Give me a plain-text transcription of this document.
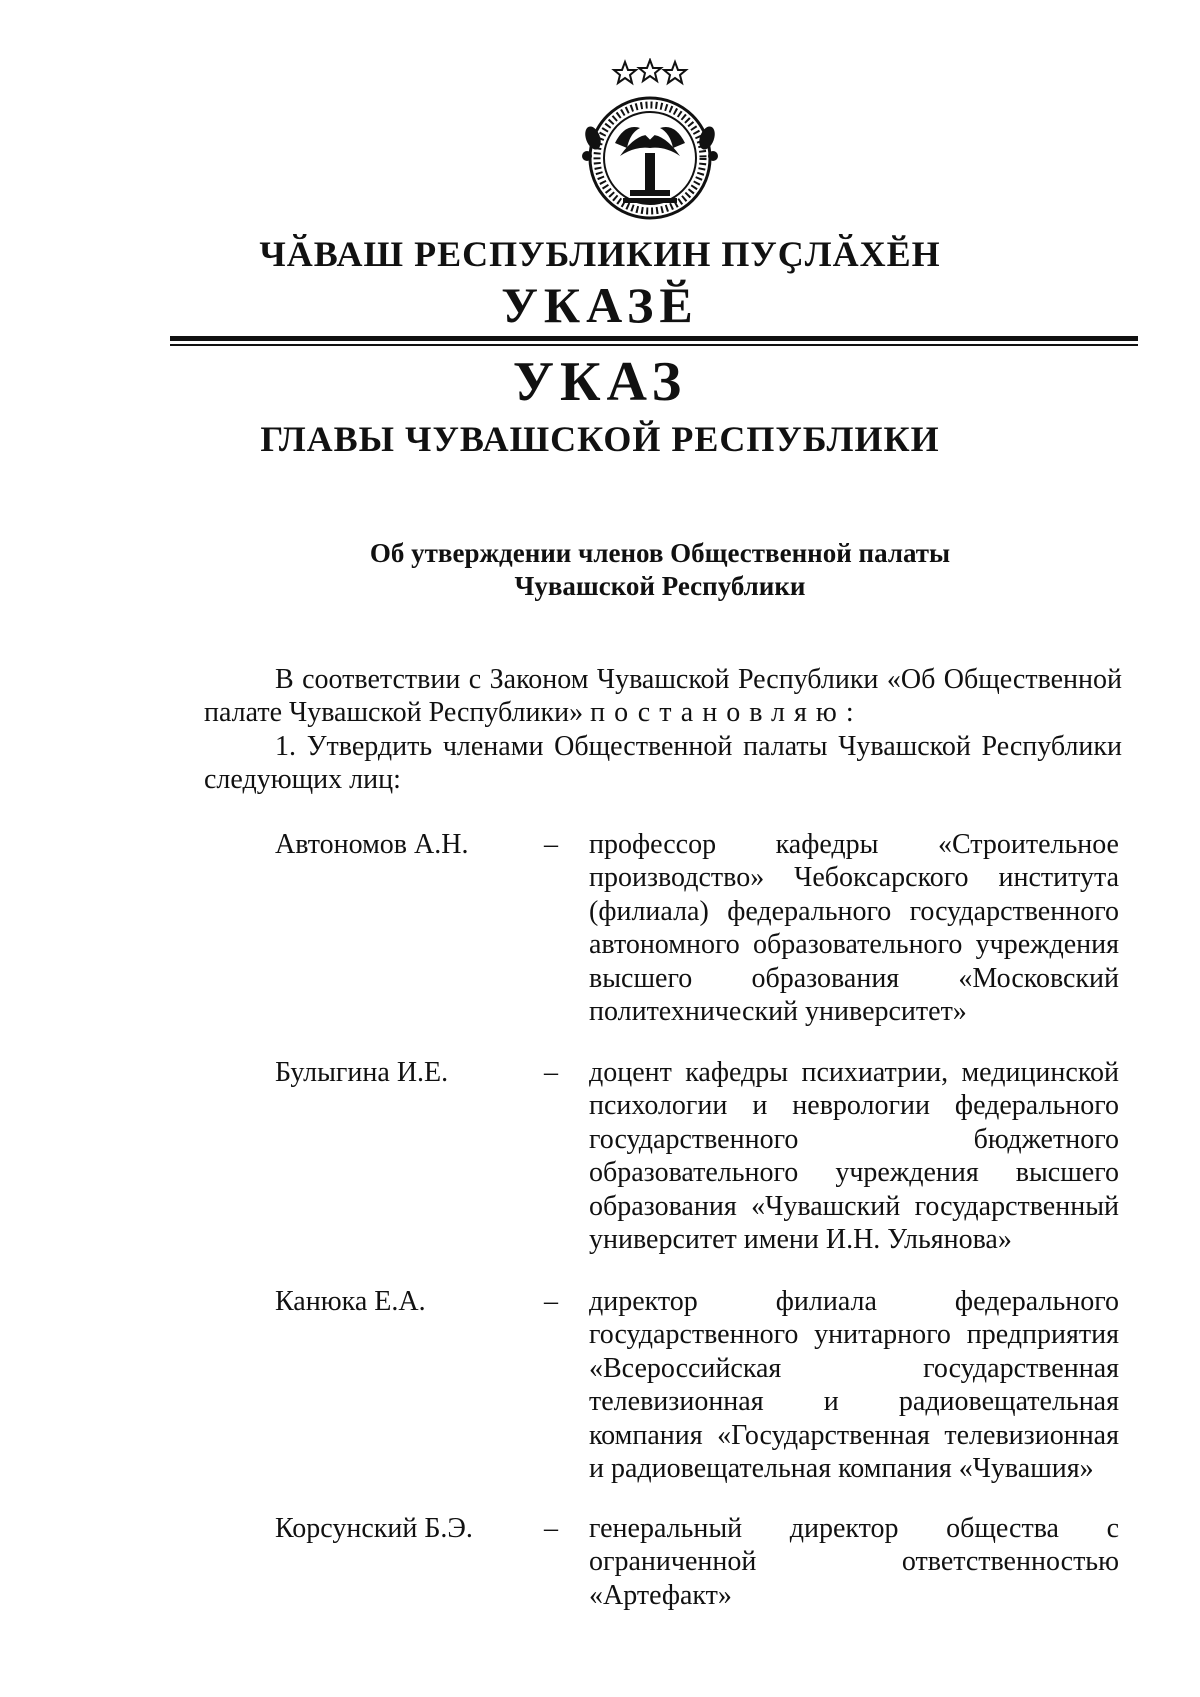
ЧӐВАШ РЕСПУБЛИКИН ПУҪЛӐХӖН
УКАЗӖ
УКАЗ
ГЛАВЫ ЧУВАШСКОЙ РЕСПУБЛИКИ
Об утверждении членов Общественной палаты
Чувашской Республики
В соответствии с Законом Чувашской Республики «Об Общественной палате Чувашской Республики» постановляю:
1. Утвердить членами Общественной палаты Чувашской Республики следующих лиц:
Автономов А.Н.	– профессор кафедры «Строительное производство» Чебоксарского института (филиала) федерального государственного автономного образовательного учреждения высшего образования «Московский политехнический университет»
Булыгина И.Е.	– доцент кафедры психиатрии, медицинской психологии и неврологии федерального государственного бюджетного образовательного учреждения высшего образования «Чувашский государственный университет имени И.Н. Ульянова»
Канюка Е.А.	– директор филиала федерального государственного унитарного предприятия «Всероссийская государственная телевизионная и радиовещательная компания «Государственная телевизионная и радиовещательная компания «Чувашия»
Корсунский Б.Э.	– генеральный директор общества с ограниченной ответственностью «Артефакт»
